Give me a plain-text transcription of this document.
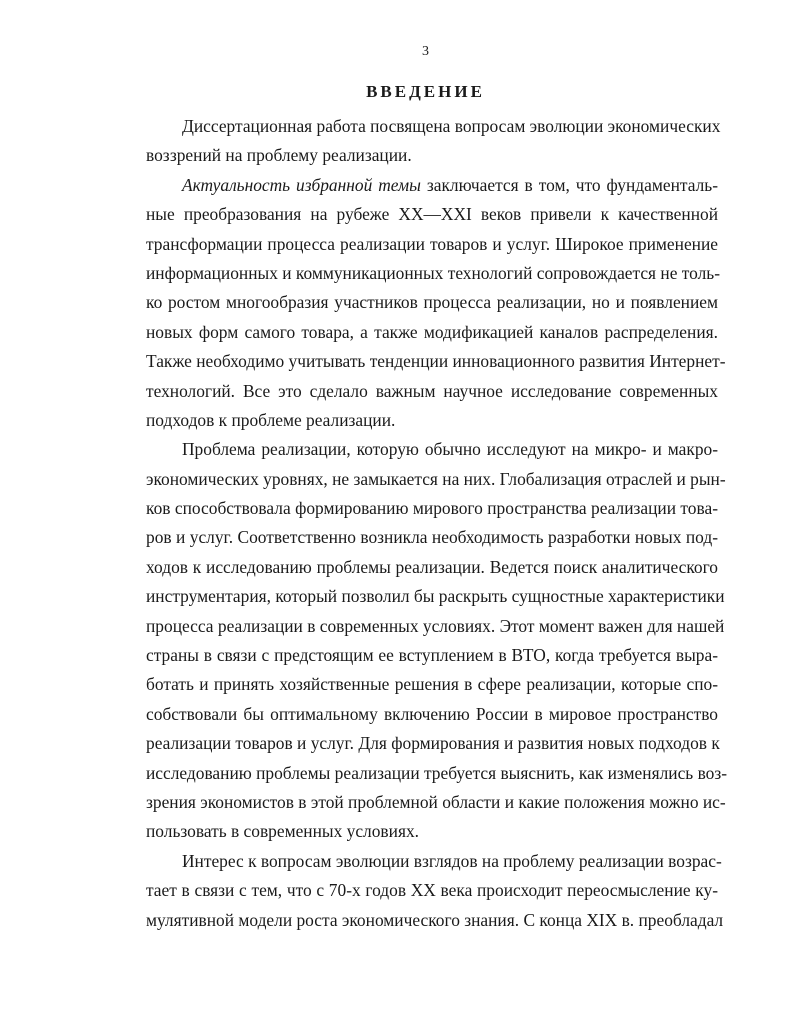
3
ВВЕДЕНИЕ
Диссертационная работа посвящена вопросам эволюции экономических
воззрений на проблему реализации.
Актуальность избранной темы заключается в том, что фундаменталь-
ные преобразования на рубеже XX—XXI веков привели к качественной
трансформации процесса реализации товаров и услуг. Широкое применение
информационных и коммуникационных технологий сопровождается не толь-
ко ростом многообразия участников процесса реализации, но и появлением
новых форм самого товара, а также модификацией каналов распределения.
Также необходимо учитывать тенденции инновационного развития Интернет-
технологий. Все это сделало важным научное исследование современных
подходов к проблеме реализации.
Проблема реализации, которую обычно исследуют на микро- и макро-
экономических уровнях, не замыкается на них. Глобализация отраслей и рын-
ков способствовала формированию мирового пространства реализации това-
ров и услуг. Соответственно возникла необходимость разработки новых под-
ходов к исследованию проблемы реализации. Ведется поиск аналитического
инструментария, который позволил бы раскрыть сущностные характеристики
процесса реализации в современных условиях. Этот момент важен для нашей
страны в связи с предстоящим ее вступлением в ВТО, когда требуется выра-
ботать и принять хозяйственные решения в сфере реализации, которые спо-
собствовали бы оптимальному включению России в мировое пространство
реализации товаров и услуг. Для формирования и развития новых подходов к
исследованию проблемы реализации требуется выяснить, как изменялись воз-
зрения экономистов в этой проблемной области и какие положения можно ис-
пользовать в современных условиях.
Интерес к вопросам эволюции взглядов на проблему реализации возрас-
тает в связи с тем, что с 70-х годов XX века происходит переосмысление ку-
мулятивной модели роста экономического знания. С конца XIX в. преобладал
